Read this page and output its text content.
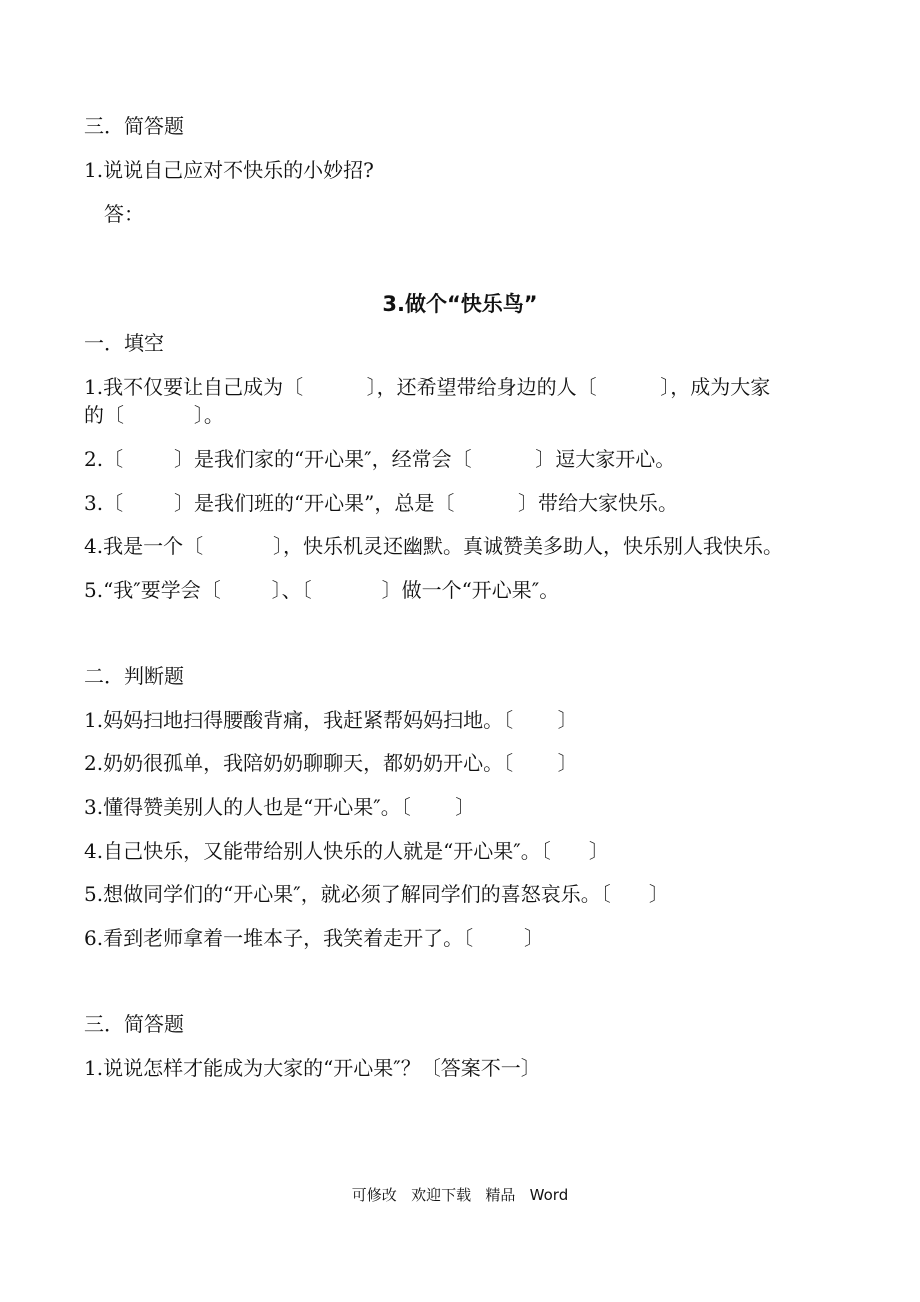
三．简答题
1.说说自己应对不快乐的小妙招?
答：
3.做个“快乐鸟”
一．填空
1.我不仅要让自己成为〔          〕，还希望带给身边的人〔          〕，成为大家
的〔           〕。
2.〔        〕是我们家的“开心果″，经常会〔          〕逗大家开心。
3.〔        〕是我们班的“开心果”，总是〔          〕带给大家快乐。
4.我是一个〔           〕，快乐机灵还幽默。真诚赞美多助人，快乐别人我快乐。
5.“我″要学会〔        〕、〔           〕做一个“开心果″。
二．判断题
1.妈妈扫地扫得腰酸背痛，我赶紧帮妈妈扫地。〔       〕
2.奶奶很孤单，我陪奶奶聊聊天，都奶奶开心。〔       〕
3.懂得赞美别人的人也是“开心果″。〔       〕
4.自己快乐，又能带给别人快乐的人就是“开心果″。〔      〕
5.想做同学们的“开心果″，就必须了解同学们的喜怒哀乐。〔      〕
6.看到老师拿着一堆本子，我笑着走开了。〔        〕
三．简答题
1.说说怎样才能成为大家的“开心果″？〔答案不一〕
可修改   欢迎下载   精品   Word
